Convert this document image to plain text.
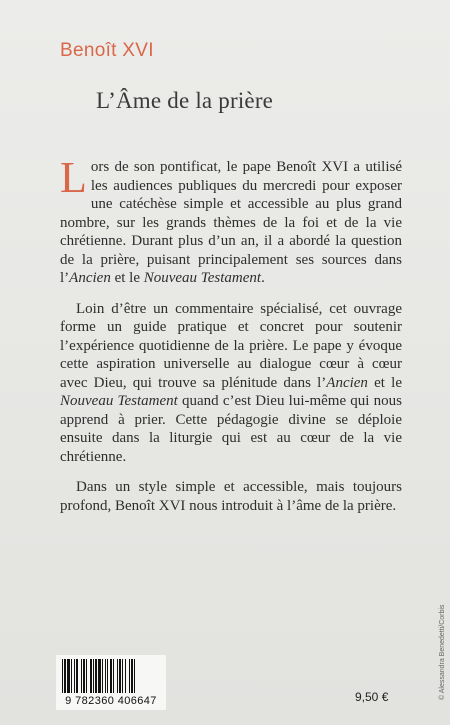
Benoît XVI
L’Âme de la prière

Lors de son pontificat, le pape Benoît XVI a utilisé les audiences publiques du mercredi pour exposer une catéchèse simple et accessible au plus grand nombre, sur les grands thèmes de la foi et de la vie chrétienne. Durant plus d’un an, il a abordé la question de la prière, puisant principalement ses sources dans l’Ancien et le Nouveau Testament.

Loin d’être un commentaire spécialisé, cet ouvrage forme un guide pratique et concret pour soutenir l’expérience quotidienne de la prière. Le pape y évoque cette aspiration universelle au dialogue cœur à cœur avec Dieu, qui trouve sa plénitude dans l’Ancien et le Nouveau Testament quand c’est Dieu lui-même qui nous apprend à prier. Cette pédagogie divine se déploie ensuite dans la liturgie qui est au cœur de la vie chrétienne.

Dans un style simple et accessible, mais toujours profond, Benoît XVI nous introduit à l’âme de la prière.

© Alessandra Benedetti/Corbis
9 782360 406647	9,50 €
